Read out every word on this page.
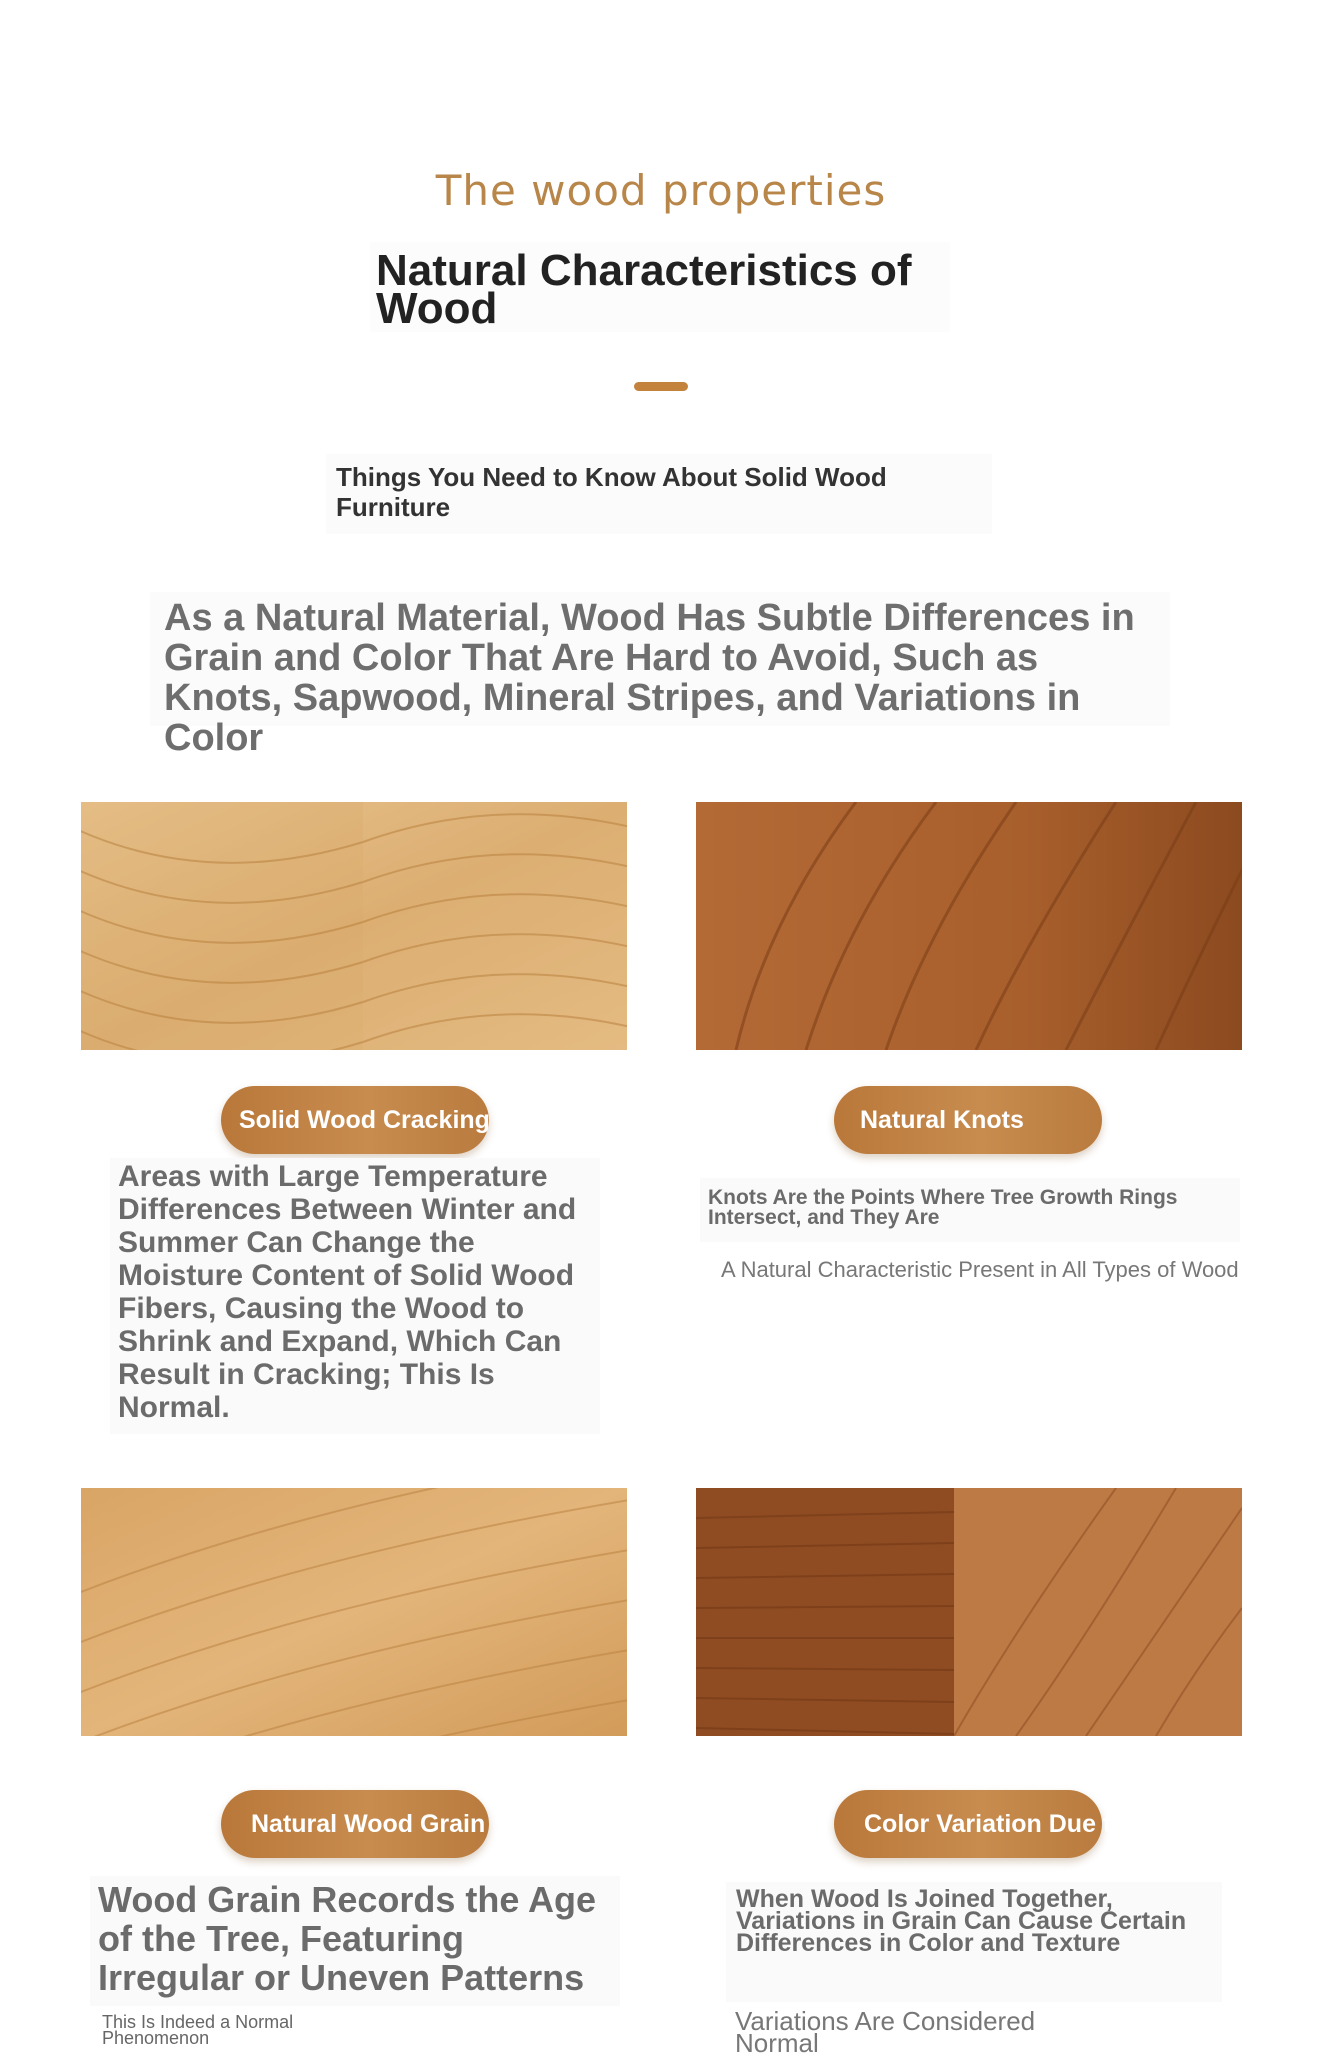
The wood properties
Natural Characteristics of Wood
Things You Need to Know About Solid Wood Furniture
As a Natural Material, Wood Has Subtle Differences in Grain and Color That Are Hard to Avoid, Such as Knots, Sapwood, Mineral Stripes, and Variations in Color
Solid Wood Cracking
Areas with Large Temperature Differences Between Winter and Summer Can Change the Moisture Content of Solid Wood Fibers, Causing the Wood to Shrink and Expand, Which Can Result in Cracking; This Is Normal.
Natural Knots
Knots Are the Points Where Tree Growth Rings Intersect, and They Are
A Natural Characteristic Present in All Types of Wood
Natural Wood Grain
Wood Grain Records the Age of the Tree, Featuring Irregular or Uneven Patterns
This Is Indeed a Normal Phenomenon
Color Variation Due to Splicing
When Wood Is Joined Together, Variations in Grain Can Cause Certain Differences in Color and Texture
Variations Are Considered Normal
